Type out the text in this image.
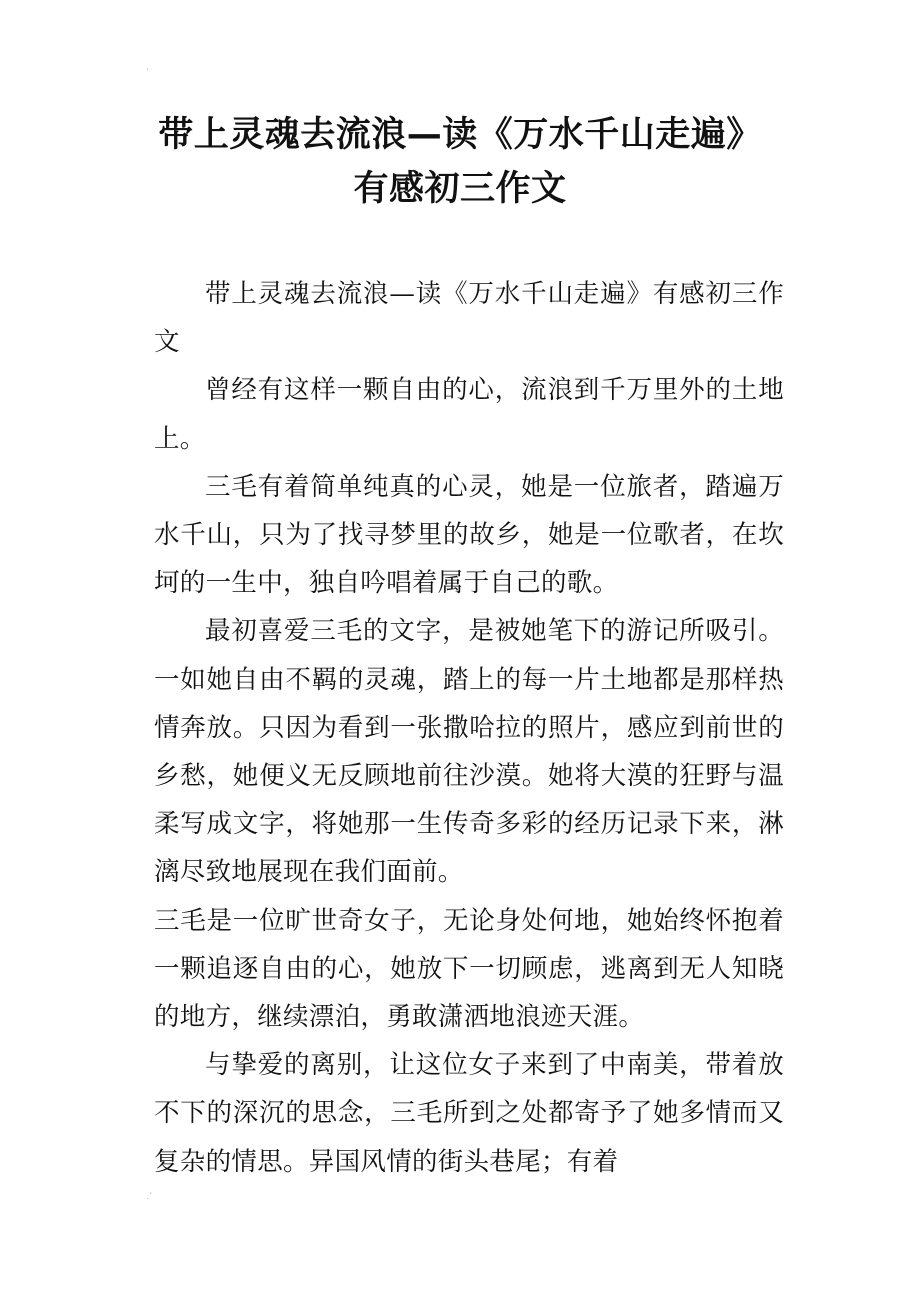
‘
带上灵魂去流浪—读《万水千山走遍》
有感初三作文

带上灵魂去流浪—读《万水千山走遍》有感初三作文

曾经有这样一颗自由的心，流浪到千万里外的土地上。

三毛有着简单纯真的心灵，她是一位旅者，踏遍万水千山，只为了找寻梦里的故乡，她是一位歌者，在坎坷的一生中，独自吟唱着属于自己的歌。

最初喜爱三毛的文字，是被她笔下的游记所吸引。一如她自由不羁的灵魂，踏上的每一片土地都是那样热情奔放。只因为看到一张撒哈拉的照片，感应到前世的乡愁，她便义无反顾地前往沙漠。她将大漠的狂野与温柔写成文字，将她那一生传奇多彩的经历记录下来，淋漓尽致地展现在我们面前。

三毛是一位旷世奇女子，无论身处何地，她始终怀抱着一颗追逐自由的心，她放下一切顾虑，逃离到无人知晓的地方，继续漂泊，勇敢潇洒地浪迹天涯。

与挚爱的离别，让这位女子来到了中南美，带着放不下的深沉的思念，三毛所到之处都寄予了她多情而又复杂的情思。异国风情的街头巷尾；有着

.‘
